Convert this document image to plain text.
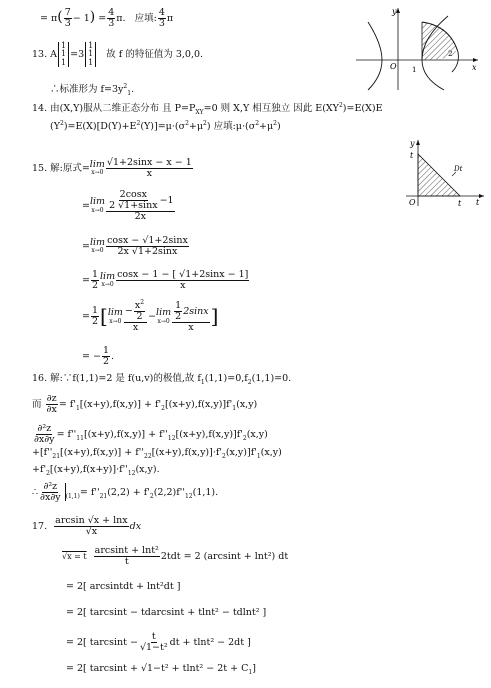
= $\pi( \frac{7}{3} - 1) = \frac{4}{3} \pi$. 应填: $\frac{4}{3}$ π
13. A
1
1
1
=3
1
1
1
故 f 的特征值为 3,0,0.
∴标准形为 $f=3y^2_1$.
y
x
O 1
2
14. 由(X,Y)服从二维正态分布 且 $P=P_{XY}=0$ 则 X,Y 相互独立 因此 $E(XY^2)=E(X)E$
$(Y^2)=E(X)[D(Y)+E^2(Y)]=\mu\cdot(\sigma^2+\mu^2)$ 应填$:\mu\cdot(\sigma^2+\mu^2)$
y
t
O
t
t
Dt
15. 解:原式= lim
$x\to 0 \frac{√1+2\sin x - x - 1}{x}$
= lim
$x\to 0 \frac{\frac{2\cos x}{2 √1+\sin x} -1}{2x}$
= lim
$x\to 0 \frac{\cos x - √1+2\sin x}{2x √1+2\sin x}$
= $\frac{1}{2}$ lim
$x\to 0 \frac{\cos x - 1 - [ √1+2\sin x - 1]}{x}$
= $\frac{1}{2}$ [ lim
$x\to 0 \frac{- \frac{x^2}{2}}{x} - \lim$
$x\to 0 \frac{\frac{1}{2} 2\sin x}{x}$ ]
= − $\frac{1}{2}$ .
16. 解:∵f(1,1)=2 是 f(u,v)的极值,故 $f_1(1,1)=0,f_2(1,1)=0$.
而 $\frac{\partial z}{\partial x} = f'_1[(x+y),f(x,y)] + f'_2[(x+y),f(x,y)]f'_1(x,y)$
$\frac{\text{∂²z}}{\partial x\partial y} = f''_{11}[(x+y),f(x,y)] + f''_{12}[(x+y),f(x,y)]f'_2(x,y)$
$+[f''_{21}[(x+y),f(x,y)] + f''_{22}[(x+y),f(x,y)]\cdot f'_2(x,y)]f'_1(x,y)$
$+f'_2[(x+y),f(x+y)]\cdot f''_{12}(x,y)$.
∴ $\frac{\text{∂²z}}{\partial x\partial y} _{(1,1)}= f''_{21}(2,2) + f'_2(2,2)f''_{12}(1,1)$.
17. $\frac{\arcsin √x + \ln x}{√x}$ dx
√x = t $\frac{\text{arcsint + lnt²}}{t} 2tdt = 2$ (arcsint + lnt²) dt
= 2[ arcsintdt + lnt²dt ]
= 2[ tarcsint − tdarcsint + tlnt² − tdlnt² ]
= 2[ $tarcsint - \frac{t}{\text{√1−t²}}$ dt + tlnt² − 2dt ]
= 2[ $tarcsint + √1-t^2 + tlnt^2 - 2t + C_1$]
